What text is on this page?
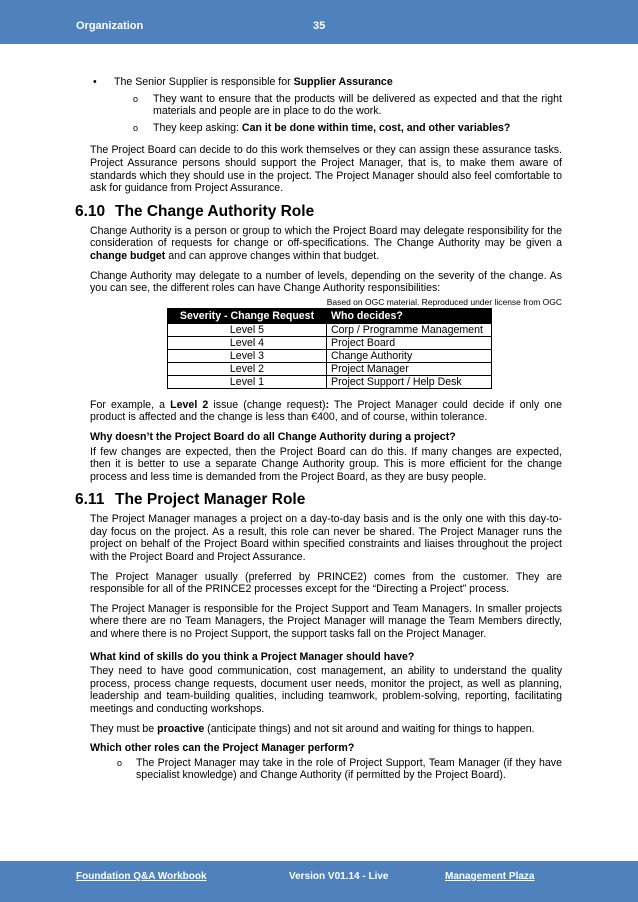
Organization	35
• The Senior Supplier is responsible for Supplier Assurance
o They want to ensure that the products will be delivered as expected and that the right materials and people are in place to do the work.
o They keep asking: Can it be done within time, cost, and other variables?

The Project Board can decide to do this work themselves or they can assign these assurance tasks. Project Assurance persons should support the Project Manager, that is, to make them aware of standards which they should use in the project. The Project Manager should also feel comfortable to ask for guidance from Project Assurance.

6.10 The Change Authority Role

Change Authority is a person or group to which the Project Board may delegate responsibility for the consideration of requests for change or off-specifications. The Change Authority may be given a change budget and can approve changes within that budget.

Change Authority may delegate to a number of levels, depending on the severity of the change. As you can see, the different roles can have Change Authority responsibilities:

Based on OGC material. Reproduced under license from OGC
Severity - Change Request	Who decides?
Level 5	Corp / Programme Management
Level 4	Project Board
Level 3	Change Authority
Level 2	Project Manager
Level 1	Project Support / Help Desk

For example, a Level 2 issue (change request): The Project Manager could decide if only one product is affected and the change is less than €400, and of course, within tolerance.

Why doesn’t the Project Board do all Change Authority during a project?

If few changes are expected, then the Project Board can do this. If many changes are expected, then it is better to use a separate Change Authority group. This is more efficient for the change process and less time is demanded from the Project Board, as they are busy people.

6.11 The Project Manager Role

The Project Manager manages a project on a day-to-day basis and is the only one with this day-to-day focus on the project. As a result, this role can never be shared. The Project Manager runs the project on behalf of the Project Board within specified constraints and liaises throughout the project with the Project Board and Project Assurance.

The Project Manager usually (preferred by PRINCE2) comes from the customer. They are responsible for all of the PRINCE2 processes except for the “Directing a Project” process.

The Project Manager is responsible for the Project Support and Team Managers. In smaller projects where there are no Team Managers, the Project Manager will manage the Team Members directly, and where there is no Project Support, the support tasks fall on the Project Manager.

What kind of skills do you think a Project Manager should have?

They need to have good communication, cost management, an ability to understand the quality process, process change requests, document user needs, monitor the project, as well as planning, leadership and team-building qualities, including teamwork, problem-solving, reporting, facilitating meetings and conducting workshops.

They must be proactive (anticipate things) and not sit around and waiting for things to happen.

Which other roles can the Project Manager perform?
o The Project Manager may take in the role of Project Support, Team Manager (if they have specialist knowledge) and Change Authority (if permitted by the Project Board).
Foundation Q&A Workbook	Version V01.14 - Live	Management Plaza
